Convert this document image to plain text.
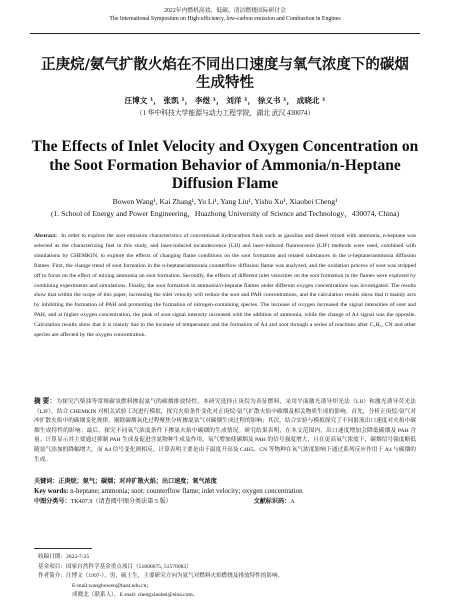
2022年内燃机高效、低碳、清洁燃烧国际研讨会
The International Symposium on High-efficiency, low-carbon emission and Combustion in Engines
正庚烷/氨气扩散火焰在不同出口速度与氧气浓度下的碳烟生成特性
汪博文 ¹， 张凯 ¹， 李煜 ¹， 刘洋 ¹， 徐义书 ¹， 成晓北 ¹
（1 华中科技大学能源与动力工程学院，湖北 武汉 430074）
The Effects of Inlet Velocity and Oxygen Concentration on the Soot Formation Behavior of Ammonia/n-Heptane Diffusion Flame
Bowen Wang¹, Kai Zhang¹, Yu Li¹, Yang Liu¹, Yishu Xu¹, Xiaobei Cheng¹
(1. School of Energy and Power Engineering，Huazhong University of Science and Technology，430074, China)
Abstract: In order to explore the soot emission characteristics of conventional hydrocarbon fuels such as gasoline and diesel mixed with ammonia, n-heptane was selected as the characterizing fuel in this study, and laser-induced incandescence (LII) and laser-induced fluorescence (LIF) methods were used, combined with simulations by CHEMKIN, to explore the effects of changing flame conditions on the soot formation and related substances in the n-heptane/ammonia diffusion flames. First, the change trend of soot formation in the n-heptane/ammonia counterflow diffusion flame was analyzed, and the oxidation process of soot was stripped off to focus on the effect of mixing ammonia on soot formation. Secondly, the effects of different inlet velocities on the soot formation in the flames were explored by combining experiments and simulations. Finally, the soot formation in ammonia/n-heptane flames under different oxygen concentrations was investigated. The results show that within the scope of this paper, increasing the inlet velocity will reduce the soot and PAH concentrations, and the calculation results show that it mainly acts by inhibiting the formation of PAH and promoting the formation of nitrogen-containing species. The increase of oxygen increased the signal intensities of soot and PAH, and at higher oxygen concentration, the peak of soot signal intensity increased with the addition of ammonia, while the change of A4 signal was the opposite. Calculation results show that it is mainly due to the increase of temperature and the formation of A4 and soot through a series of reactions after C₄H₅, CN and other species are affected by the oxygen concentration.
摘 要：为探究汽柴油等常规碳氢燃料掺混氨气的碳烟排放特性，本研究选择正庚烷为表征燃料，采用平面激光诱导炽光法（LII）和激光诱导荧光法（LIF），结合 CHEMKIN 对相关试验工况进行模拟，探究火焰条件变化对正庚烷/氨气扩散火焰中碳烟及相关物质生成的影响。首先，分析正庚烷/氨气对冲扩散火焰中的碳烟变化规律，剔除碳烟氧化过程聚焦分析掺混氨气对碳烟生成过程的影响；其次，结合实验与模拟探究了不同射流出口速度对火焰中碳烟生成特性的影响；最后，探究不同氧气浓度条件下掺氨火焰中碳烟的生成情况。研究结果表明，在本文范围内，出口速度增加会降低碳烟及 PAH 含量。计算显示其主要通过抑制 PAH 生成及促进含氮物种生成及作用。氧气增加使碳烟及 PAH 的信号强度增大，且在更高氧气浓度下，碳烟信号强度略低随氨气添加的降幅增大，而 A4 信号变化则相反。计算表明主要是由于温度升高及 C4H5、CN 等物种在氧气浓度影响下通过系列反应作用于 A4 与碳烟的生成。
关键词：正庚烷；氨气；碳烟；对冲扩散火焰；出口速度；氧气浓度
Key words: n-heptane; ammonia; soot; counterflow flame; inlet velocity; oxygen concentration
中图分类号：TK407.9（请查阅中图分类法第 5 版）	文献标识码：A
收稿日期：2022-7-25
基金项目：国家自然科学基金重点项目（51806075, 51576083）
作者简介：汪博文（1997-），男，硕士生，主要研究方向为氨气对燃料火焰燃烧及排放特性的影响。
E-mail:wangbowen@hust.edu.cn；
成晓北（联系人），E-mail: chengxiaobei@sina.com。
